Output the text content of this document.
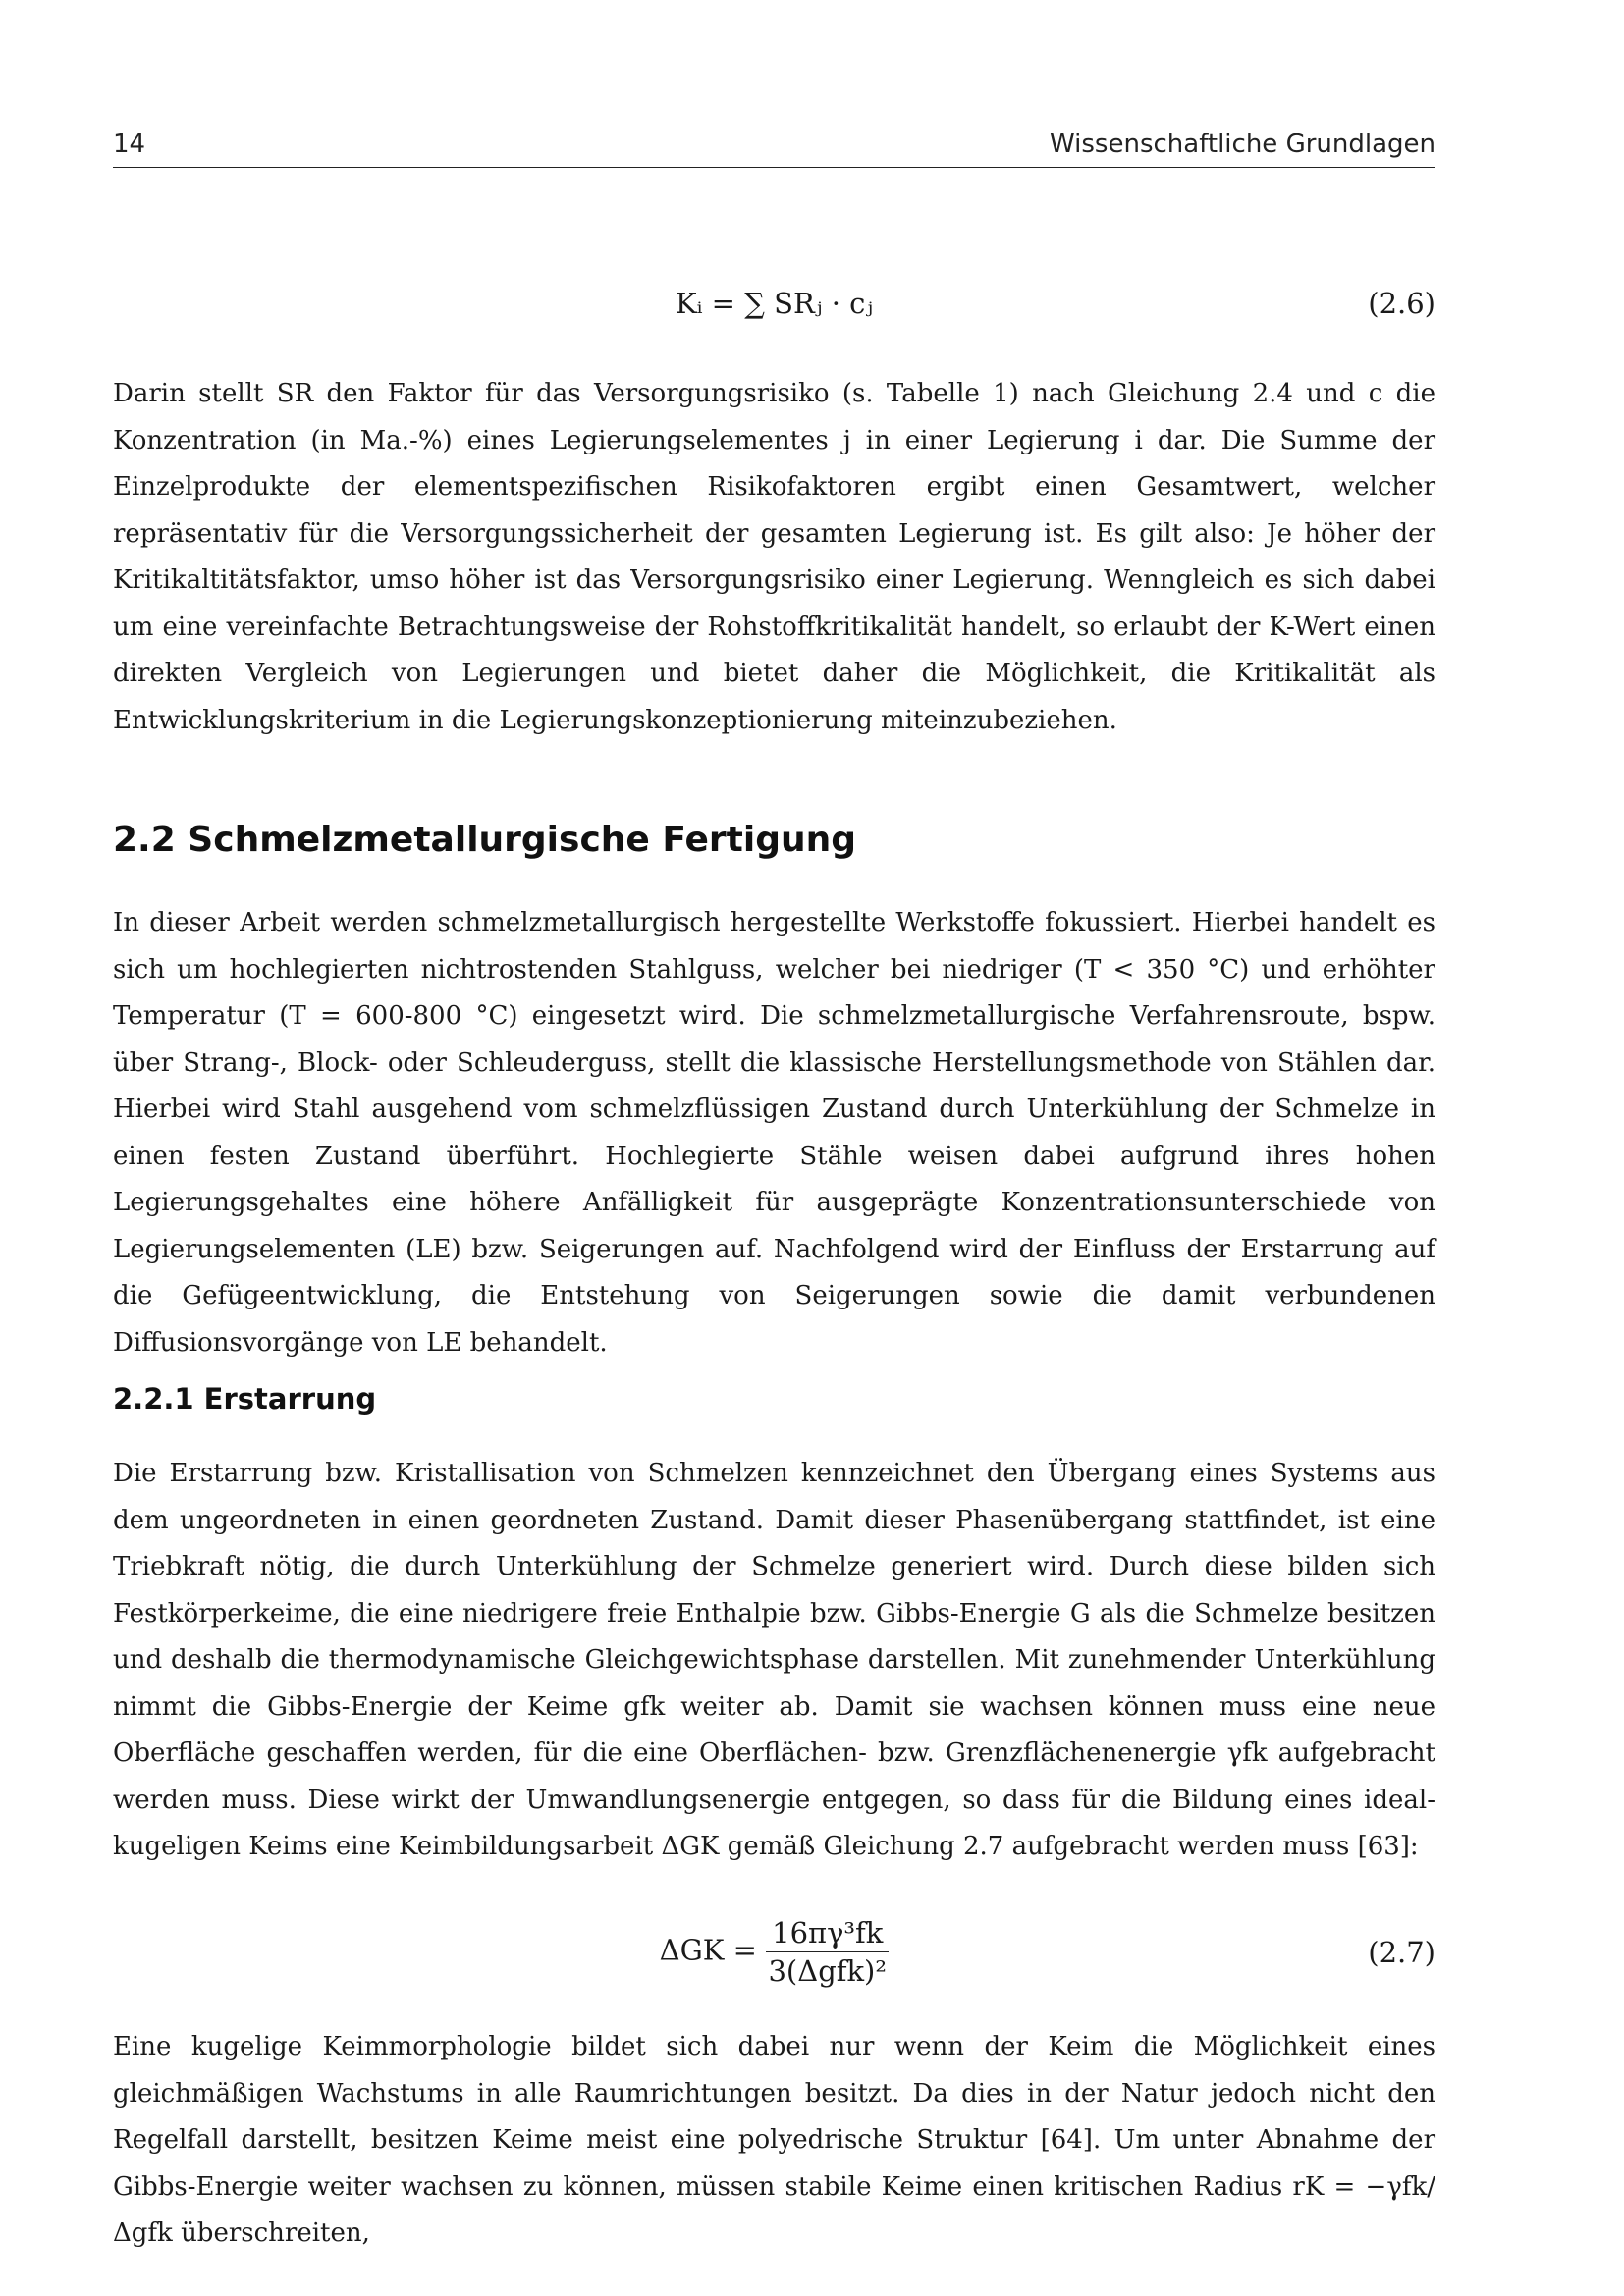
14	Wissenschaftliche Grundlagen
Kᵢ = ∑ SRⱼ · cⱼ	(2.6)

Darin stellt SR den Faktor für das Versorgungsrisiko (s. Tabelle 1) nach Gleichung 2.4 und c die Konzentration (in Ma.-%) eines Legierungselementes j in einer Legierung i dar. Die Summe der Einzelprodukte der elementspezifischen Risikofaktoren ergibt einen Gesamtwert, welcher repräsentativ für die Versorgungssicherheit der gesamten Legierung ist. Es gilt also: Je höher der Kritikaltitätsfaktor, umso höher ist das Versorgungsrisiko einer Legierung. Wenngleich es sich dabei um eine vereinfachte Betrachtungsweise der Rohstoffkritikalität handelt, so erlaubt der K-Wert einen direkten Vergleich von Legierungen und bietet daher die Möglichkeit, die Kritikalität als Entwicklungskriterium in die Legierungskonzeptionierung miteinzubeziehen.

2.2 Schmelzmetallurgische Fertigung

In dieser Arbeit werden schmelzmetallurgisch hergestellte Werkstoffe fokussiert. Hierbei handelt es sich um hochlegierten nichtrostenden Stahlguss, welcher bei niedriger (T < 350 °C) und erhöhter Temperatur (T = 600-800 °C) eingesetzt wird. Die schmelzmetallurgische Verfahrensroute, bspw. über Strang-, Block- oder Schleuderguss, stellt die klassische Herstellungsmethode von Stählen dar. Hierbei wird Stahl ausgehend vom schmelzflüssigen Zustand durch Unterkühlung der Schmelze in einen festen Zustand überführt. Hochlegierte Stähle weisen dabei aufgrund ihres hohen Legierungsgehaltes eine höhere Anfälligkeit für ausgeprägte Konzentrationsunterschiede von Legierungselementen (LE) bzw. Seigerungen auf. Nachfolgend wird der Einfluss der Erstarrung auf die Gefügeentwicklung, die Entstehung von Seigerungen sowie die damit verbundenen Diffusionsvorgänge von LE behandelt.

2.2.1 Erstarrung

Die Erstarrung bzw. Kristallisation von Schmelzen kennzeichnet den Übergang eines Systems aus dem ungeordneten in einen geordneten Zustand. Damit dieser Phasenübergang stattfindet, ist eine Triebkraft nötig, die durch Unterkühlung der Schmelze generiert wird. Durch diese bilden sich Festkörperkeime, die eine niedrigere freie Enthalpie bzw. Gibbs-Energie G als die Schmelze besitzen und deshalb die thermodynamische Gleichgewichtsphase darstellen. Mit zunehmender Unterkühlung nimmt die Gibbs-Energie der Keime gfk weiter ab. Damit sie wachsen können muss eine neue Oberfläche geschaffen werden, für die eine Oberflächen- bzw. Grenzflächenenergie γfk aufgebracht werden muss. Diese wirkt der Umwandlungsenergie entgegen, so dass für die Bildung eines ideal-kugeligen Keims eine Keimbildungsarbeit ΔGK gemäß Gleichung 2.7 aufgebracht werden muss [63]:

$\Delta GK = \frac{\text{16πγ³fk}}{\text{3(Δgfk)²}}$	(2.7)

Eine kugelige Keimmorphologie bildet sich dabei nur wenn der Keim die Möglichkeit eines gleichmäßigen Wachstums in alle Raumrichtungen besitzt. Da dies in der Natur jedoch nicht den Regelfall darstellt, besitzen Keime meist eine polyedrische Struktur [64]. Um unter Abnahme der Gibbs-Energie weiter wachsen zu können, müssen stabile Keime einen kritischen Radius rK = −γfk/Δgfk überschreiten,
